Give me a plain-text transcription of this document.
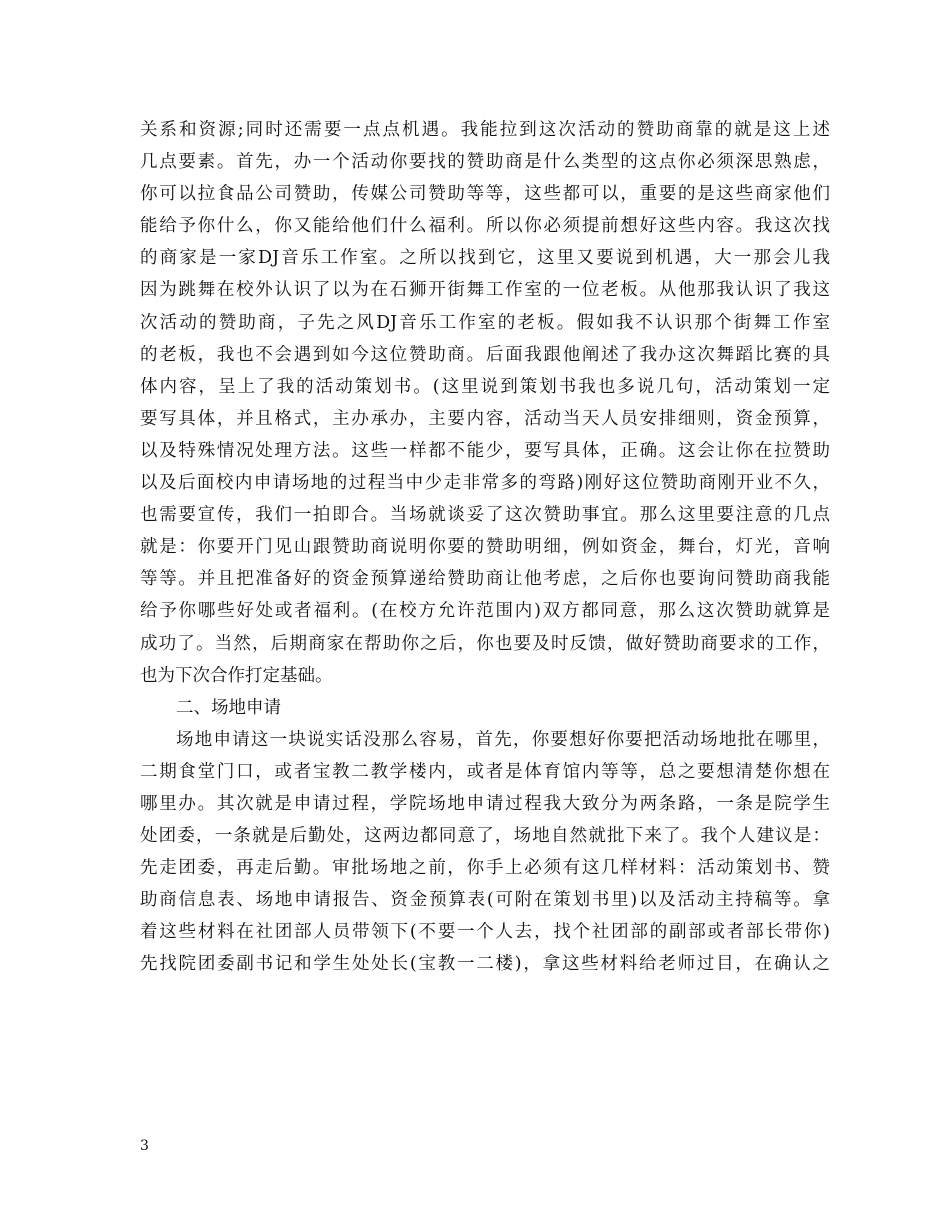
关系和资源;同时还需要一点点机遇。我能拉到这次活动的赞助商靠的就是这上述
几点要素。首先，办一个活动你要找的赞助商是什么类型的这点你必须深思熟虑，
你可以拉食品公司赞助，传媒公司赞助等等，这些都可以，重要的是这些商家他们
能给予你什么，你又能给他们什么福利。所以你必须提前想好这些内容。我这次找
的商家是一家DJ音乐工作室。之所以找到它，这里又要说到机遇，大一那会儿我
因为跳舞在校外认识了以为在石狮开街舞工作室的一位老板。从他那我认识了我这
次活动的赞助商，子先之风DJ音乐工作室的老板。假如我不认识那个街舞工作室
的老板，我也不会遇到如今这位赞助商。后面我跟他阐述了我办这次舞蹈比赛的具
体内容，呈上了我的活动策划书。(这里说到策划书我也多说几句，活动策划一定
要写具体，并且格式，主办承办，主要内容，活动当天人员安排细则，资金预算，
以及特殊情况处理方法。这些一样都不能少，要写具体，正确。这会让你在拉赞助
以及后面校内申请场地的过程当中少走非常多的弯路)刚好这位赞助商刚开业不久，
也需要宣传，我们一拍即合。当场就谈妥了这次赞助事宜。那么这里要注意的几点
就是：你要开门见山跟赞助商说明你要的赞助明细，例如资金，舞台，灯光，音响
等等。并且把准备好的资金预算递给赞助商让他考虑，之后你也要询问赞助商我能
给予你哪些好处或者福利。(在校方允许范围内)双方都同意，那么这次赞助就算是
成功了。当然，后期商家在帮助你之后，你也要及时反馈，做好赞助商要求的工作，
也为下次合作打定基础。
二、场地申请
场地申请这一块说实话没那么容易，首先，你要想好你要把活动场地批在哪里，
二期食堂门口，或者宝教二教学楼内，或者是体育馆内等等，总之要想清楚你想在
哪里办。其次就是申请过程，学院场地申请过程我大致分为两条路，一条是院学生
处团委，一条就是后勤处，这两边都同意了，场地自然就批下来了。我个人建议是：
先走团委，再走后勤。审批场地之前，你手上必须有这几样材料：活动策划书、赞
助商信息表、场地申请报告、资金预算表(可附在策划书里)以及活动主持稿等。拿
着这些材料在社团部人员带领下(不要一个人去，找个社团部的副部或者部长带你)
先找院团委副书记和学生处处长(宝教一二楼)，拿这些材料给老师过目，在确认之
3
